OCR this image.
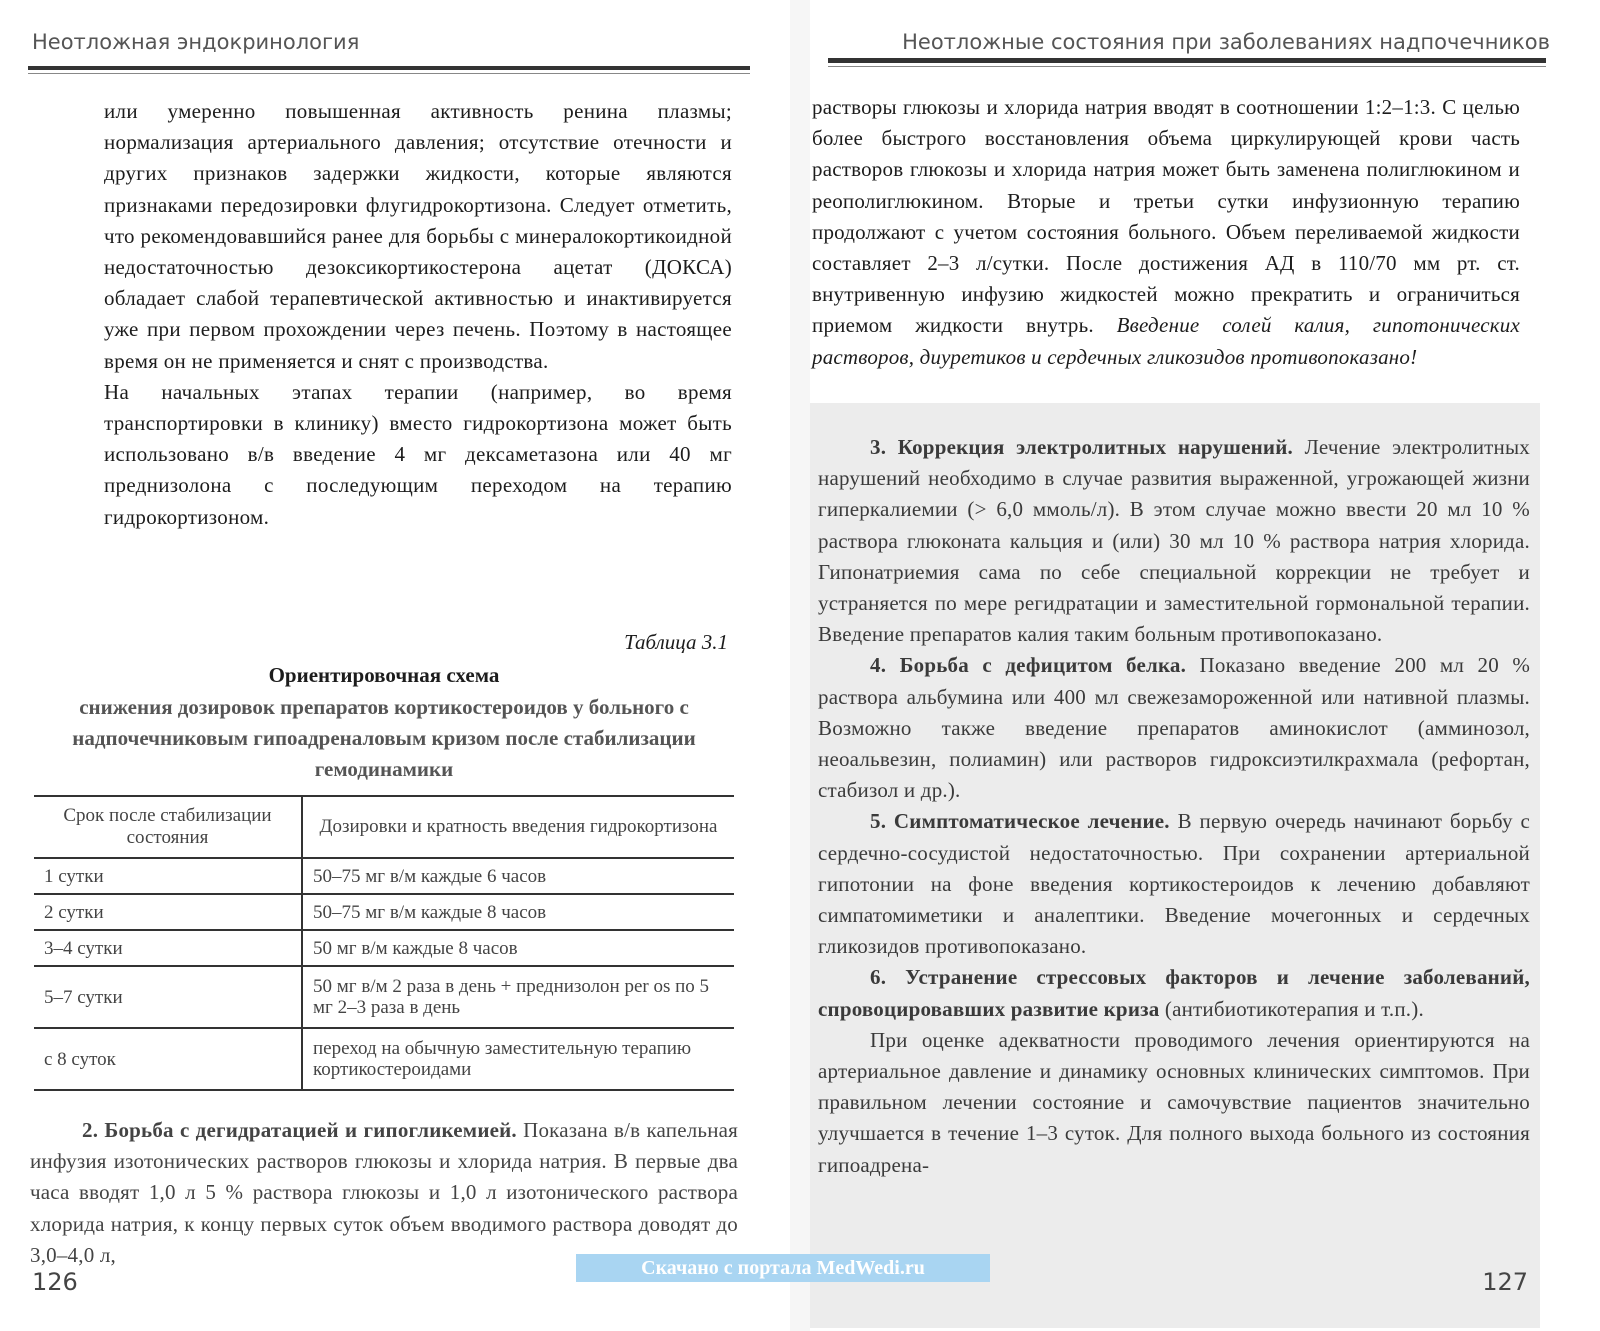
Неотложная эндокринология

или умеренно повышенная активность ренина плазмы; нормализация артериального давления; отсутствие отечности и других признаков задержки жидкости, которые являются признаками передозировки флугидрокортизона. Следует отметить, что рекомендовавшийся ранее для борьбы с минералокортикоидной недостаточностью дезоксикортикостерона ацетат (ДОКСА) обладает слабой терапевтической активностью и инактивируется уже при первом прохождении через печень. Поэтому в настоящее время он не применяется и снят с производства.

На начальных этапах терапии (например, во время транспортировки в клинику) вместо гидрокортизона может быть использовано в/в введение 4 мг дексаметазона или 40 мг преднизолона с последующим переходом на терапию гидрокортизоном.

Таблица 3.1
Ориентировочная схема
снижения дозировок препаратов кортикостероидов у больного с надпочечниковым гипоадреналовым кризом после стабилизации гемодинамики
Срок после стабилизации состояния	Дозировки и кратность введения гидрокортизона
1 сутки	50–75 мг в/м каждые 6 часов
2 сутки	50–75 мг в/м каждые 8 часов
3–4 сутки	50 мг в/м каждые 8 часов
5–7 сутки	50 мг в/м 2 раза в день + преднизолон per os по 5 мг 2–3 раза в день
с 8 суток	переход на обычную заместительную терапию кортикостероидами

2. Борьба с дегидратацией и гипогликемией. Показана в/в капельная инфузия изотонических растворов глюкозы и хлорида натрия. В первые два часа вводят 1,0 л 5 % раствора глюкозы и 1,0 л изотонического раствора хлорида натрия, к концу первых суток объем вводимого раствора доводят до 3,0–4,0 л,

126
Неотложные состояния при заболеваниях надпочечников

растворы глюкозы и хлорида натрия вводят в соотношении 1:2–1:3. С целью более быстрого восстановления объема циркулирующей крови часть растворов глюкозы и хлорида натрия может быть заменена полиглюкином и реополиглюкином. Вторые и третьи сутки инфузионную терапию продолжают с учетом состояния больного. Объем переливаемой жидкости составляет 2–3 л/сутки. После достижения АД в 110/70 мм рт. ст. внутривенную инфузию жидкостей можно прекратить и ограничиться приемом жидкости внутрь. Введение солей калия, гипотонических растворов, диуретиков и сердечных гликозидов противопоказано!

3. Коррекция электролитных нарушений. Лечение электролитных нарушений необходимо в случае развития выраженной, угрожающей жизни гиперкалиемии (> 6,0 ммоль/л). В этом случае можно ввести 20 мл 10 % раствора глюконата кальция и (или) 30 мл 10 % раствора натрия хлорида. Гипонатриемия сама по себе специальной коррекции не требует и устраняется по мере регидратации и заместительной гормональной терапии. Введение препаратов калия таким больным противопоказано.

4. Борьба с дефицитом белка. Показано введение 200 мл 20 % раствора альбумина или 400 мл свежезамороженной или нативной плазмы. Возможно также введение препаратов аминокислот (амминозол, неоальвезин, полиамин) или растворов гидроксиэтилкрахмала (рефортан, стабизол и др.).

5. Симптоматическое лечение. В первую очередь начинают борьбу с сердечно-сосудистой недостаточностью. При сохранении артериальной гипотонии на фоне введения кортикостероидов к лечению добавляют симпатомиметики и аналептики. Введение мочегонных и сердечных гликозидов противопоказано.

6. Устранение стрессовых факторов и лечение заболеваний, спровоцировавших развитие криза (антибиотикотерапия и т.п.).

При оценке адекватности проводимого лечения ориентируются на артериальное давление и динамику основных клинических симптомов. При правильном лечении состояние и самочувствие пациентов значительно улучшается в течение 1–3 суток. Для полного выхода больного из состояния гипоадрена-

127
Скачано с портала MedWedi.ru
